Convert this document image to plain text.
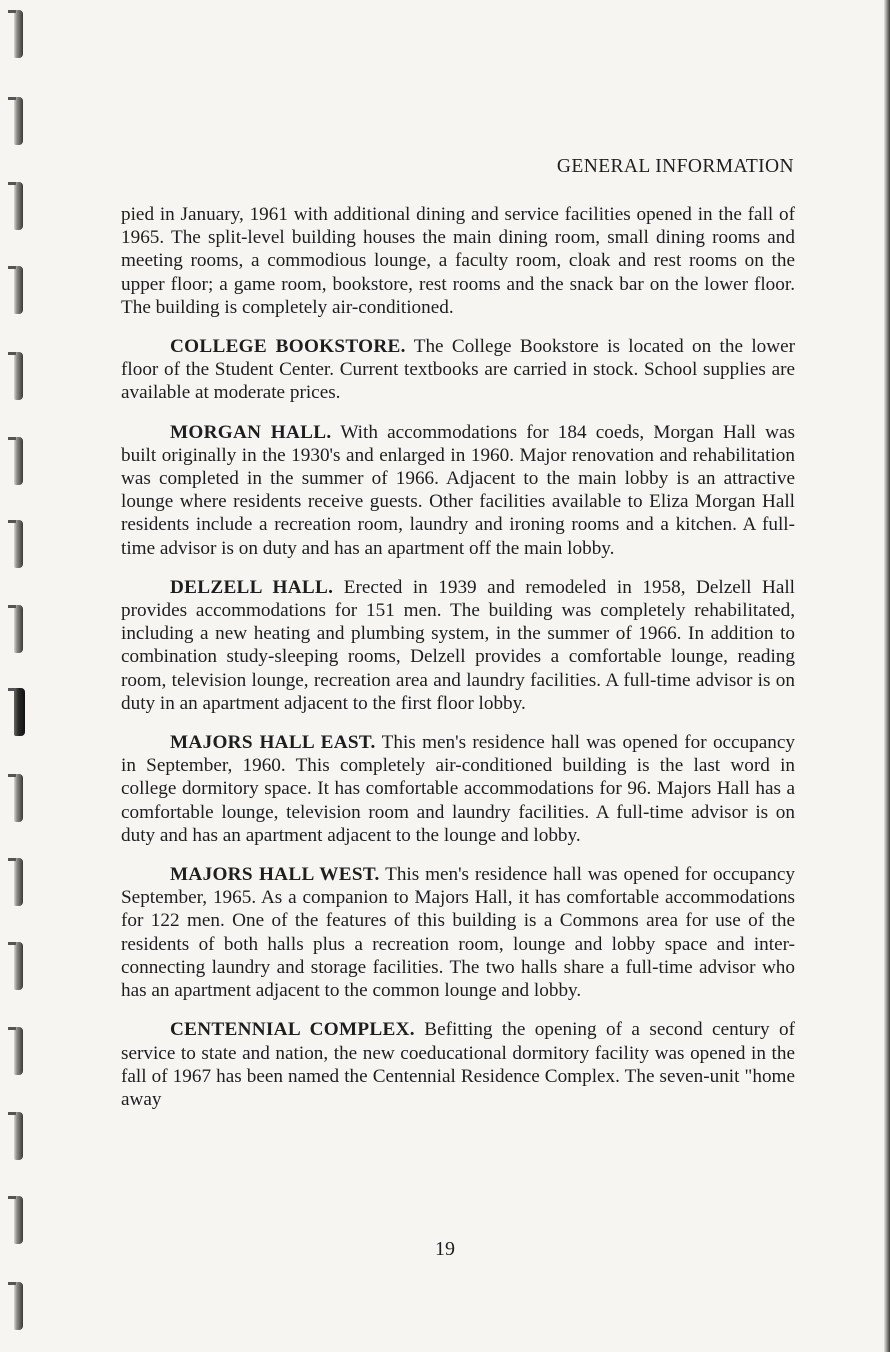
GENERAL INFORMATION

pied in January, 1961 with additional dining and service facilities opened in the fall of 1965. The split-level building houses the main dining room, small dining rooms and meeting rooms, a commodious lounge, a faculty room, cloak and rest rooms on the upper floor; a game room, bookstore, rest rooms and the snack bar on the lower floor. The building is completely air-conditioned.

COLLEGE BOOKSTORE. The College Bookstore is located on the lower floor of the Student Center. Current textbooks are carried in stock. School supplies are available at moderate prices.

MORGAN HALL. With accommodations for 184 coeds, Morgan Hall was built originally in the 1930's and enlarged in 1960. Major renovation and rehabilitation was completed in the summer of 1966. Adjacent to the main lobby is an attractive lounge where residents receive guests. Other facilities available to Eliza Morgan Hall residents include a recreation room, laundry and ironing rooms and a kitchen. A full-time advisor is on duty and has an apartment off the main lobby.

DELZELL HALL. Erected in 1939 and remodeled in 1958, Delzell Hall provides accommodations for 151 men. The building was completely rehabilitated, including a new heating and plumbing system, in the summer of 1966. In addition to combination study-sleeping rooms, Delzell provides a comfortable lounge, reading room, television lounge, recreation area and laundry facilities. A full-time advisor is on duty in an apartment adjacent to the first floor lobby.

MAJORS HALL EAST. This men's residence hall was opened for occupancy in September, 1960. This completely air-conditioned building is the last word in college dormitory space. It has comfortable accommodations for 96. Majors Hall has a comfortable lounge, television room and laundry facilities. A full-time advisor is on duty and has an apartment adjacent to the lounge and lobby.

MAJORS HALL WEST. This men's residence hall was opened for occupancy September, 1965. As a companion to Majors Hall, it has comfortable accommodations for 122 men. One of the features of this building is a Commons area for use of the residents of both halls plus a recreation room, lounge and lobby space and inter-connecting laundry and storage facilities. The two halls share a full-time advisor who has an apartment adjacent to the common lounge and lobby.

CENTENNIAL COMPLEX. Befitting the opening of a second century of service to state and nation, the new coeducational dormitory facility was opened in the fall of 1967 has been named the Centennial Residence Complex. The seven-unit "home away

19
